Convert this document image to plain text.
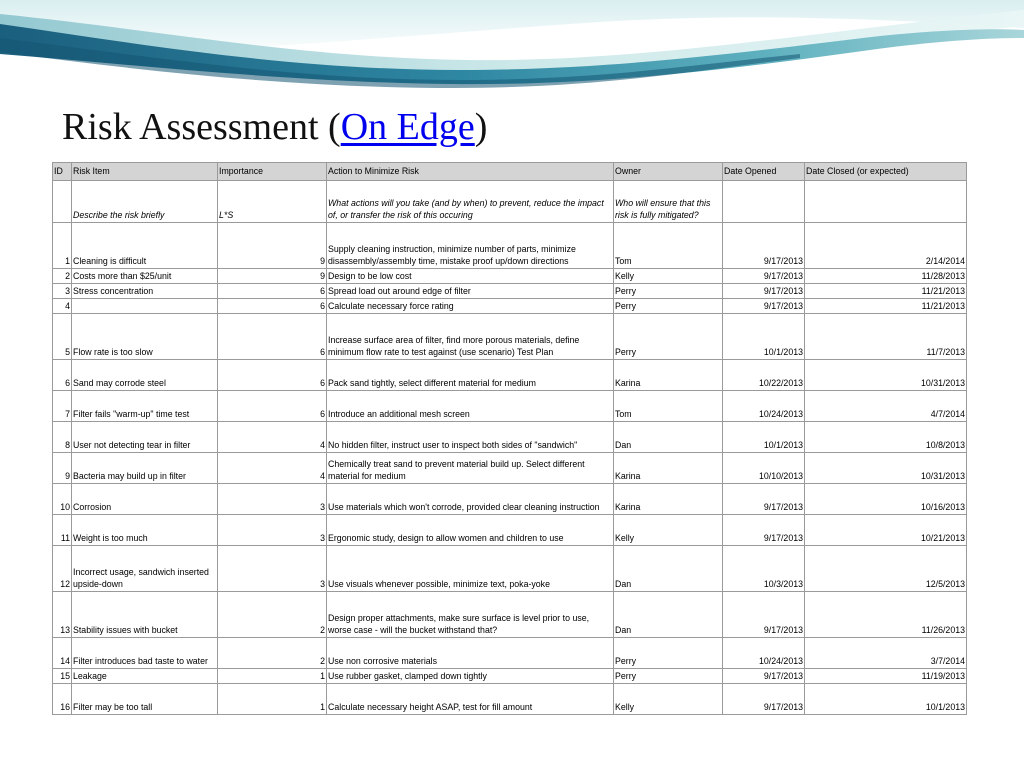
Risk Assessment (On Edge)
ID	Risk Item	Importance	Action to Minimize Risk	Owner	Date Opened	Date Closed (or expected)
	Describe the risk briefly	L*S	What actions will you take (and by when) to prevent, reduce the impact of, or transfer the risk of this occuring	Who will ensure that this risk is fully mitigated?		
1	Cleaning is difficult	9	Supply cleaning instruction, minimize number of parts, minimize disassembly/assembly time, mistake proof up/down directions	Tom	9/17/2013	2/14/2014
2	Costs more than $25/unit	9	Design to be low cost	Kelly	9/17/2013	11/28/2013
3	Stress concentration	6	Spread load out around edge of filter	Perry	9/17/2013	11/21/2013
4		6	Calculate necessary force rating	Perry	9/17/2013	11/21/2013
5	Flow rate is too slow	6	Increase surface area of filter, find more porous materials, define minimum flow rate to test against (use scenario) Test Plan	Perry	10/1/2013	11/7/2013
6	Sand may corrode steel	6	Pack sand tightly, select different material for medium	Karina	10/22/2013	10/31/2013
7	Filter fails "warm-up" time test	6	Introduce an additional mesh screen	Tom	10/24/2013	4/7/2014
8	User not detecting tear in filter	4	No hidden filter, instruct user to inspect both sides of "sandwich"	Dan	10/1/2013	10/8/2013
9	Bacteria may build up in filter	4	Chemically treat sand to prevent material build up. Select different material for medium	Karina	10/10/2013	10/31/2013
10	Corrosion	3	Use materials which won't corrode, provided clear cleaning instruction	Karina	9/17/2013	10/16/2013
11	Weight is too much	3	Ergonomic study, design to allow women and children to use	Kelly	9/17/2013	10/21/2013
12	Incorrect usage, sandwich inserted upside-down	3	Use visuals whenever possible, minimize text, poka-yoke	Dan	10/3/2013	12/5/2013
13	Stability issues with bucket	2	Design proper attachments, make sure surface is level prior to use, worse case - will the bucket withstand that?	Dan	9/17/2013	11/26/2013
14	Filter introduces bad taste to water	2	Use non corrosive materials	Perry	10/24/2013	3/7/2014
15	Leakage	1	Use rubber gasket, clamped down tightly	Perry	9/17/2013	11/19/2013
16	Filter may be too tall	1	Calculate necessary height ASAP, test for fill amount	Kelly	9/17/2013	10/1/2013
